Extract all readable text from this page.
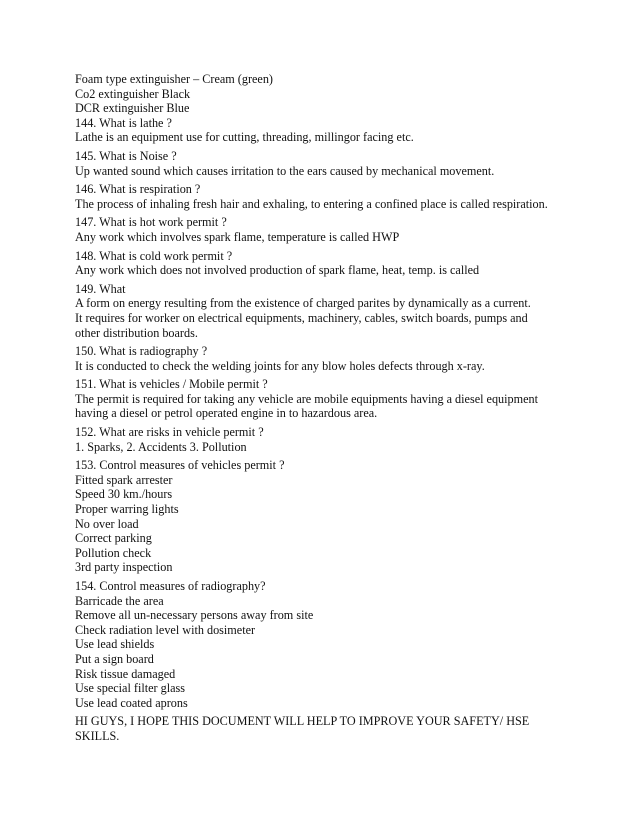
Foam type extinguisher – Cream (green)
Co2 extinguisher Black
DCR extinguisher Blue
144. What is lathe ?
Lathe is an equipment use for cutting, threading, millingor facing etc.
145. What is Noise ?
Up wanted sound which causes irritation to the ears caused by mechanical movement.
146. What is respiration ?
The process of inhaling fresh hair and exhaling, to entering a confined place is called respiration.
147. What is hot work permit ?
Any work which involves spark flame, temperature is called HWP
148. What is cold work permit ?
Any work which does not involved production of spark flame, heat, temp. is called
149. What
A form on energy resulting from the existence of charged parites by dynamically as a current.
It requires for worker on electrical equipments, machinery, cables, switch boards, pumps and
other distribution boards.
150. What is radiography ?
It is conducted to check the welding joints for any blow holes defects through x-ray.
151. What is vehicles / Mobile permit ?
The permit is required for taking any vehicle are mobile equipments having a diesel equipment
having a diesel or petrol operated engine in to hazardous area.
152. What are risks in vehicle permit ?
1. Sparks, 2. Accidents 3. Pollution
153. Control measures of vehicles permit ?
Fitted spark arrester
Speed 30 km./hours
Proper warring lights
No over load
Correct parking
Pollution check
3rd party inspection
154. Control measures of radiography?
Barricade the area
Remove all un-necessary persons away from site
Check radiation level with dosimeter
Use lead shields
Put a sign board
Risk tissue damaged
Use special filter glass
Use lead coated aprons
HI GUYS, I HOPE THIS DOCUMENT WILL HELP TO IMPROVE YOUR SAFETY/ HSE
SKILLS.
